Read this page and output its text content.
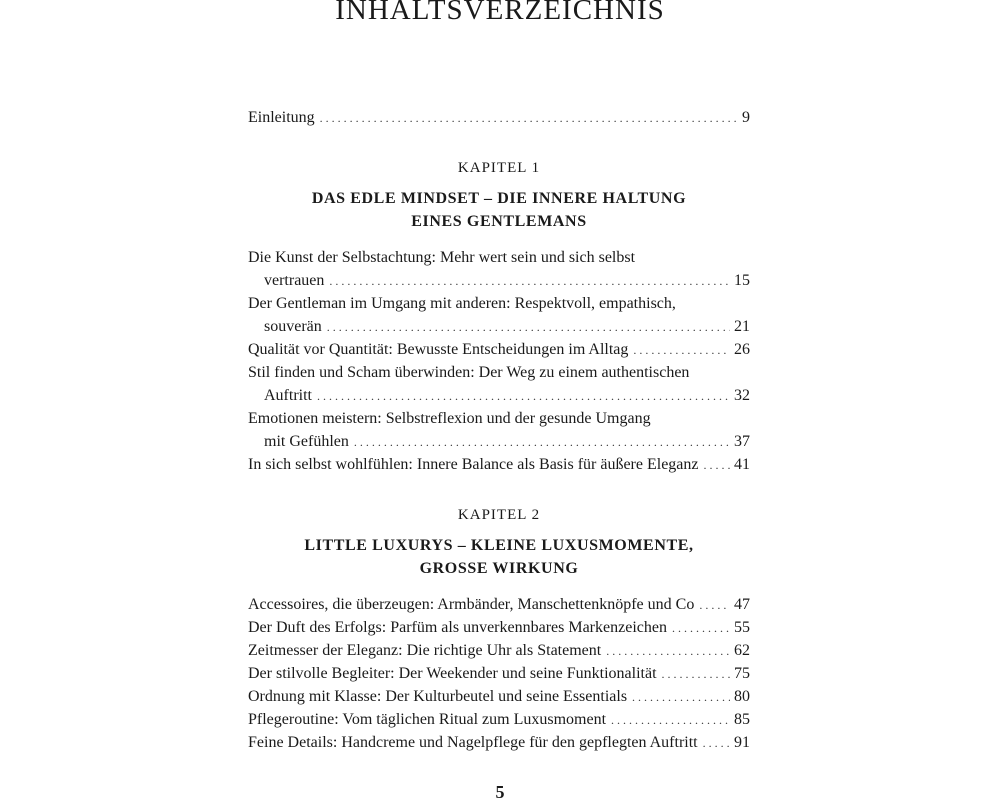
INHALTSVERZEICHNIS
Einleitung . . .	9
KAPITEL 1
DAS EDLE MINDSET – DIE INNERE HALTUNG
EINES GENTLEMANS
Die Kunst der Selbstachtung: Mehr wert sein und sich selbst
vertrauen . . .	15
Der Gentleman im Umgang mit anderen: Respektvoll, empathisch,
souverän . . .	21
Qualität vor Quantität: Bewusste Entscheidungen im Alltag . . .	26
Stil finden und Scham überwinden: Der Weg zu einem authentischen
Auftritt . . .	32
Emotionen meistern: Selbstreflexion und der gesunde Umgang
mit Gefühlen . . .	37
In sich selbst wohlfühlen: Innere Balance als Basis für äußere Eleganz . . . 41
KAPITEL 2
LITTLE LUXURYS – KLEINE LUXUSMOMENTE,
GROSSE WIRKUNG
Accessoires, die überzeugen: Armbänder, Manschettenknöpfe und Co . . . 47
Der Duft des Erfolgs: Parfüm als unverkennbares Markenzeichen . . .	55
Zeitmesser der Eleganz: Die richtige Uhr als Statement . . .	62
Der stilvolle Begleiter: Der Weekender und seine Funktionalität . . .	75
Ordnung mit Klasse: Der Kulturbeutel und seine Essentials . . .	80
Pflegeroutine: Vom täglichen Ritual zum Luxusmoment . . .	85
Feine Details: Handcreme und Nagelpflege für den gepflegten Auftritt . . . 91
5
